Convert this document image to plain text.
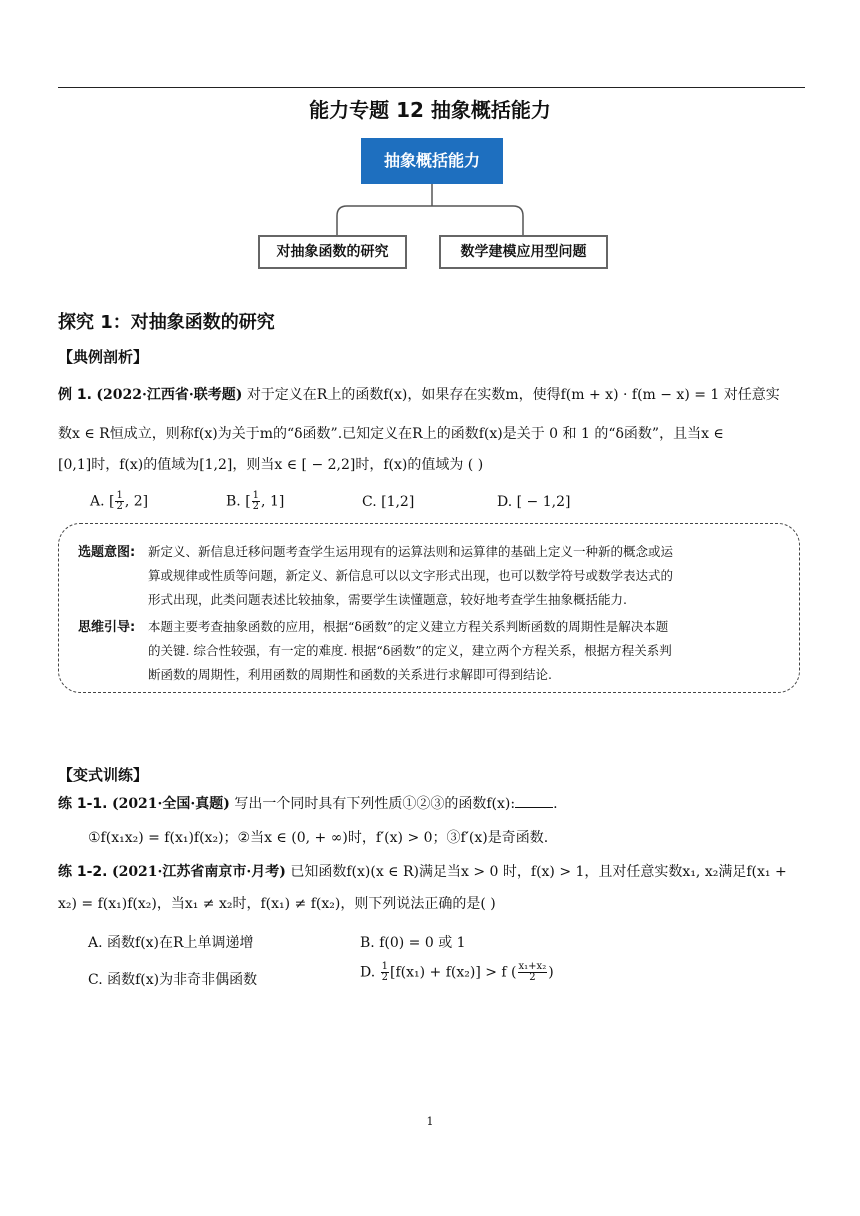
能力专题 12 抽象概括能力
抽象概括能力
对抽象函数的研究	数学建模应用型问题
探究 1：对抽象函数的研究
【典例剖析】
例 1. (2022·江西省·联考题) 对于定义在R上的函数f(x)，如果存在实数m，使得f(m + x) · f(m − x) = 1 对任意实
数x ∈ R恒成立，则称f(x)为关于m的“δ函数”.已知定义在R上的函数f(x)是关于 0 和 1 的“δ函数”，且当x ∈
[0,1]时，f(x)的值域为[1,2]，则当x ∈ [ − 2,2]时，f(x)的值域为 ( )
A. [ $\frac{1}{2}$ , 2]	B. [ $\frac{1}{2}$ , 1]	C. [1,2]	D. [ − 1,2]
选题意图: 新定义、新信息迁移问题考查学生运用现有的运算法则和运算律的基础上定义一种新的概念或运
算或规律或性质等问题，新定义、新信息可以以文字形式出现，也可以数学符号或数学表达式的
形式出现，此类问题表述比较抽象，需要学生读懂题意，较好地考查学生抽象概括能力.
思维引导: 本题主要考查抽象函数的应用，根据“δ函数”的定义建立方程关系判断函数的周期性是解决本题
的关键. 综合性较强，有一定的难度. 根据“δ函数”的定义，建立两个方程关系，根据方程关系判
断函数的周期性，利用函数的周期性和函数的关系进行求解即可得到结论.
【变式训练】
练 1-1. (2021·全国·真题) 写出一个同时具有下列性质①②③的函数f(x):	.
①f(x₁x₂) = f(x₁)f(x₂)；②当x ∈ (0, + ∞)时，f′(x) > 0；③f′(x)是奇函数.
练 1-2. (2021·江苏省南京市·月考) 已知函数f(x)(x ∈ R)满足当x > 0 时，f(x) > 1，且对任意实数x₁, x₂满足f(x₁ +
x₂) = f(x₁)f(x₂)，当x₁ ≠ x₂时，f(x₁) ≠ f(x₂)，则下列说法正确的是( )
A. 函数f(x)在R上单调递增	B. f(0) = 0 或 1
C. 函数f(x)为非奇非偶函数	D. $\frac{1}{2} [f(x_1) + f(x_2)] > f$ ( $\frac{\text{x₁+x₂}}{2}$ )
1
